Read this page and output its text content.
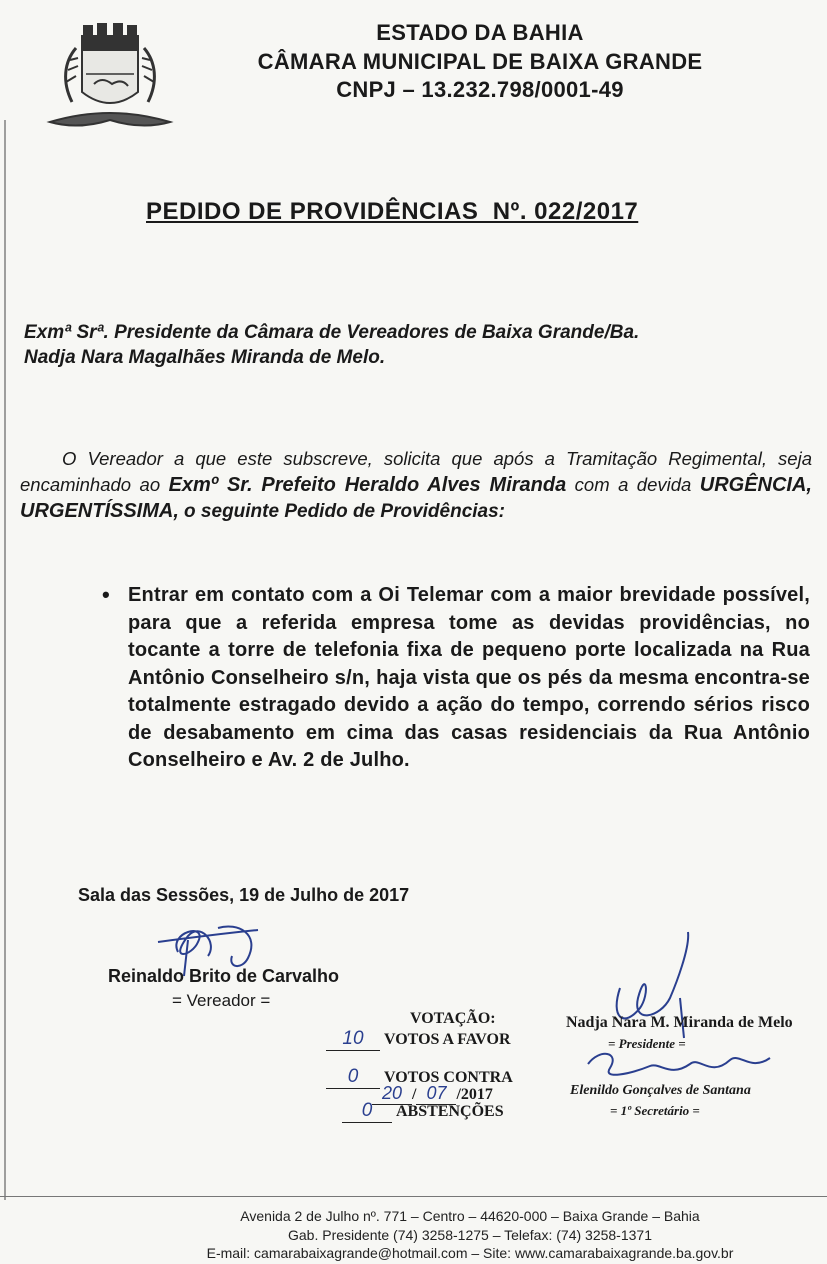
ESTADO DA BAHIA
CÂMARA MUNICIPAL DE BAIXA GRANDE
CNPJ – 13.232.798/0001-49
PEDIDO DE PROVIDÊNCIAS  Nº. 022/2017
Exmª Srª. Presidente da Câmara de Vereadores de Baixa Grande/Ba.
Nadja Nara Magalhães Miranda de Melo.
O Vereador a que este subscreve, solicita que após a Tramitação Regimental, seja encaminhado ao Exmº Sr. Prefeito Heraldo Alves Miranda com a devida URGÊNCIA, URGENTÍSSIMA, o seguinte Pedido de Providências:
• Entrar em contato com a Oi Telemar com a maior brevidade possível, para que a referida empresa tome as devidas providências, no tocante a torre de telefonia fixa de pequeno porte localizada na Rua Antônio Conselheiro s/n, haja vista que os pés da mesma encontra-se totalmente estragado devido a ação do tempo, correndo sérios risco de desabamento em cima das casas residenciais da Rua Antônio Conselheiro e Av. 2 de Julho.
Sala das Sessões, 19 de Julho de 2017
Reinaldo Brito de Carvalho
= Vereador =
VOTAÇÃO:
10 VOTOS A FAVOR
0 VOTOS CONTRA
20 / 07 /2017
0 ABSTENÇÕES
Nadja Nara M. Miranda de Melo
= Presidente =
Elenildo Gonçalves de Santana
= 1º Secretário =
Avenida 2 de Julho nº. 771 – Centro – 44620-000 – Baixa Grande – Bahia
Gab. Presidente (74) 3258-1275 – Telefax: (74) 3258-1371
E-mail: camarabaixagrande@hotmail.com – Site: www.camarabaixagrande.ba.gov.br
